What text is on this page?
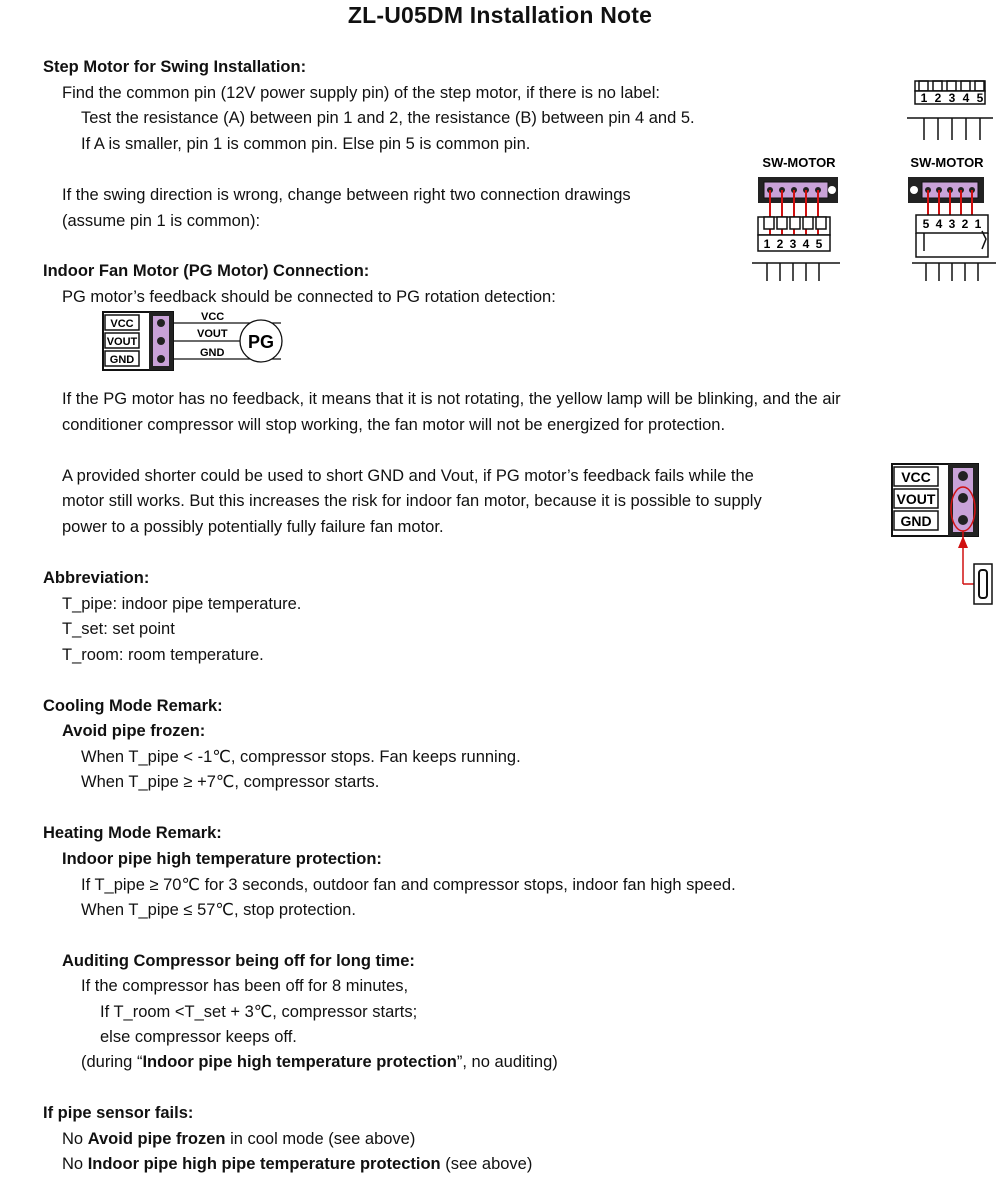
ZL-U05DM Installation Note
Step Motor for Swing Installation:
Find the common pin (12V power supply pin) of the step motor, if there is no label:
Test the resistance (A) between pin 1 and 2, the resistance (B) between pin 4 and 5.
If A is smaller, pin 1 is common pin. Else pin 5 is common pin.
If the swing direction is wrong, change between right two connection drawings
(assume pin 1 is common):
1 2 3 4 5
SW-MOTOR
1 2 3 4 5
SW-MOTOR
5 4 3 2 1
Indoor Fan Motor (PG Motor) Connection:
PG motor’s feedback should be connected to PG rotation detection:
VCC
VOUT
GND
VCC
VOUT
GND
PG
If the PG motor has no feedback, it means that it is not rotating, the yellow lamp will be blinking, and the air
conditioner compressor will stop working, the fan motor will not be energized for protection.
A provided shorter could be used to short GND and Vout, if PG motor’s feedback fails while the
motor still works. But this increases the risk for indoor fan motor, because it is possible to supply
power to a possibly potentially fully failure fan motor.
VCC
VOUT
GND
Abbreviation:
T_pipe: indoor pipe temperature.
T_set: set point
T_room: room temperature.
Cooling Mode Remark:
Avoid pipe frozen:
When T_pipe < -1℃, compressor stops. Fan keeps running.
When T_pipe ≥ +7℃, compressor starts.
Heating Mode Remark:
Indoor pipe high temperature protection:
If T_pipe ≥ 70℃ for 3 seconds, outdoor fan and compressor stops, indoor fan high speed.
When T_pipe ≤ 57℃, stop protection.
Auditing Compressor being off for long time:
If the compressor has been off for 8 minutes,
If T_room <T_set + 3℃, compressor starts;
else compressor keeps off.
(during “Indoor pipe high temperature protection”, no auditing)
If pipe sensor fails:
No Avoid pipe frozen in cool mode (see above)
No Indoor pipe high pipe temperature protection (see above)
